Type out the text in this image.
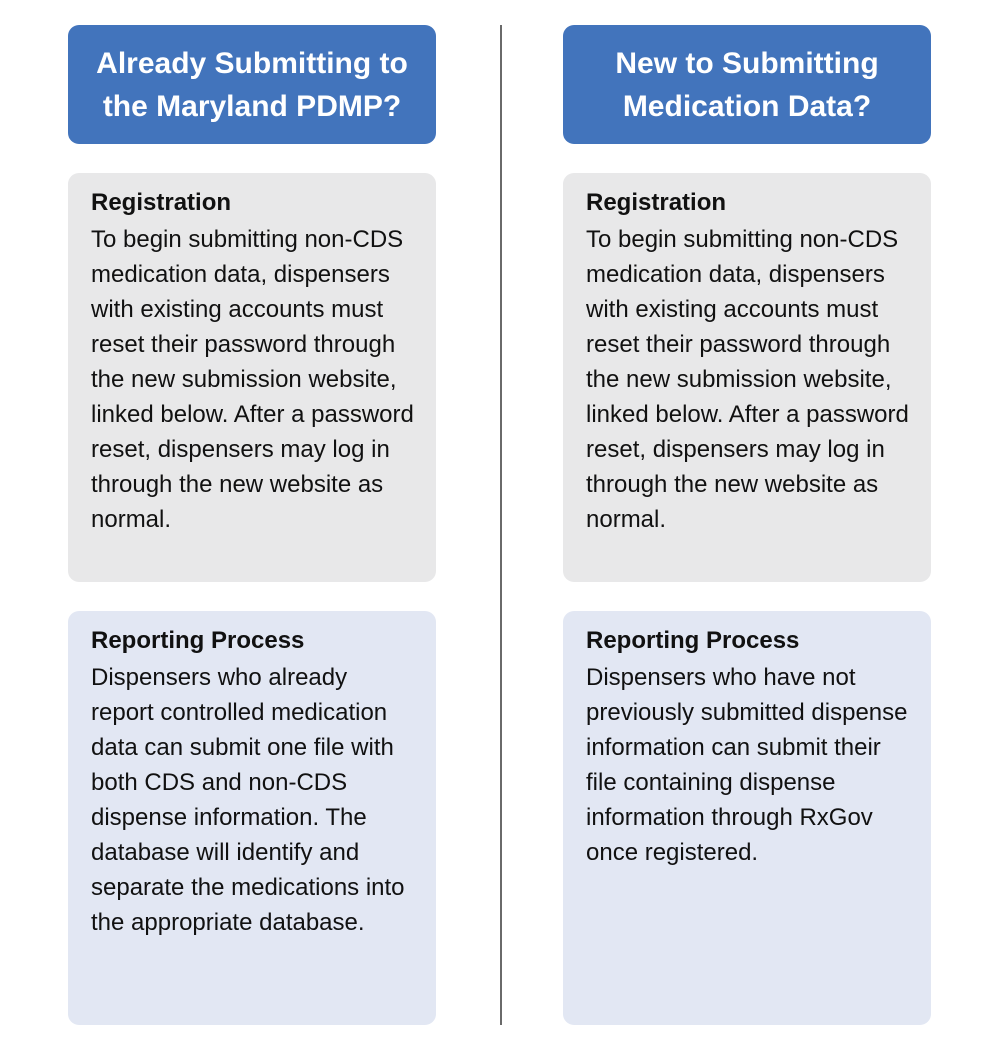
Already Submitting to the Maryland PDMP?
Registration

To begin submitting non-CDS medication data, dispensers with existing accounts must reset their password through the new submission website, linked below. After a password reset, dispensers may log in through the new website as normal.

Reporting Process

Dispensers who already report controlled medication data can submit one file with both CDS and non-CDS dispense information. The database will identify and separate the medications into the appropriate database.

New to Submitting Medication Data?
Registration

To begin submitting non-CDS medication data, dispensers with existing accounts must reset their password through the new submission website, linked below. After a password reset, dispensers may log in through the new website as normal.

Reporting Process

Dispensers who have not previously submitted dispense information can submit their file containing dispense information through RxGov once registered.
